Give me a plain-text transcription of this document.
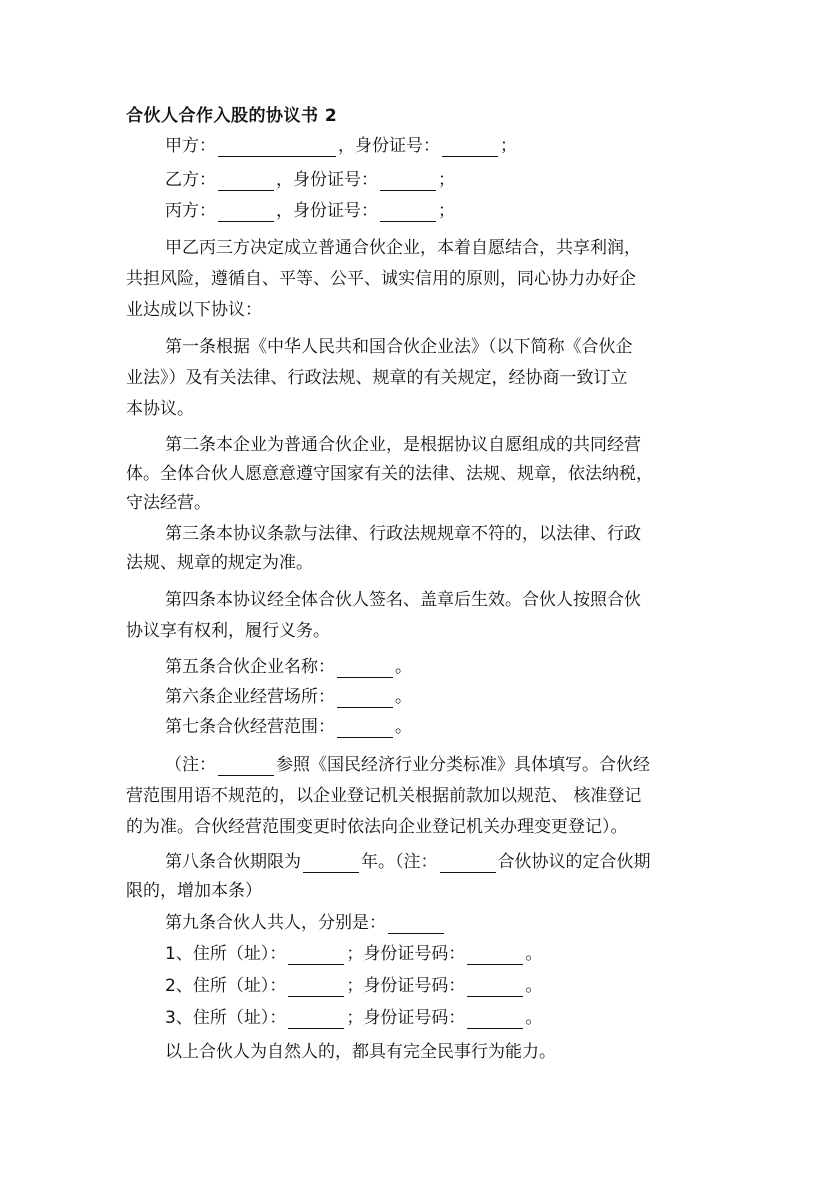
合伙人合作入股的协议书 2
甲方：	，身份证号：	；
乙方：	，身份证号：	；
丙方：	，身份证号：	；
甲乙丙三方决定成立普通合伙企业，本着自愿结合，共享利润，
共担风险，遵循自、平等、公平、诚实信用的原则，同心协力办好企
业达成以下协议：
第一条根据《中华人民共和国合伙企业法》（以下简称《合伙企
业法》）及有关法律、行政法规、规章的有关规定，经协商一致订立
本协议。
第二条本企业为普通合伙企业，是根据协议自愿组成的共同经营
体。全体合伙人愿意意遵守国家有关的法律、法规、规章，依法纳税，
守法经营。
第三条本协议条款与法律、行政法规规章不符的，以法律、行政
法规、规章的规定为准。
第四条本协议经全体合伙人签名、盖章后生效。合伙人按照合伙
协议享有权利，履行义务。
第五条合伙企业名称：	。
第六条企业经营场所：	。
第七条合伙经营范围：	。
（注：	参照《国民经济行业分类标准》具体填写。合伙经
营范围用语不规范的，以企业登记机关根据前款加以规范、 核准登记
的为准。合伙经营范围变更时依法向企业登记机关办理变更登记）。
第八条合伙期限为	年。（注：	合伙协议的定合伙期
限的，增加本条）
第九条合伙人共人，分别是：
1、住所（址）：	；身份证号码：	。
2、住所（址）：	；身份证号码：	。
3、住所（址）：	；身份证号码：	。
以上合伙人为自然人的，都具有完全民事行为能力。
